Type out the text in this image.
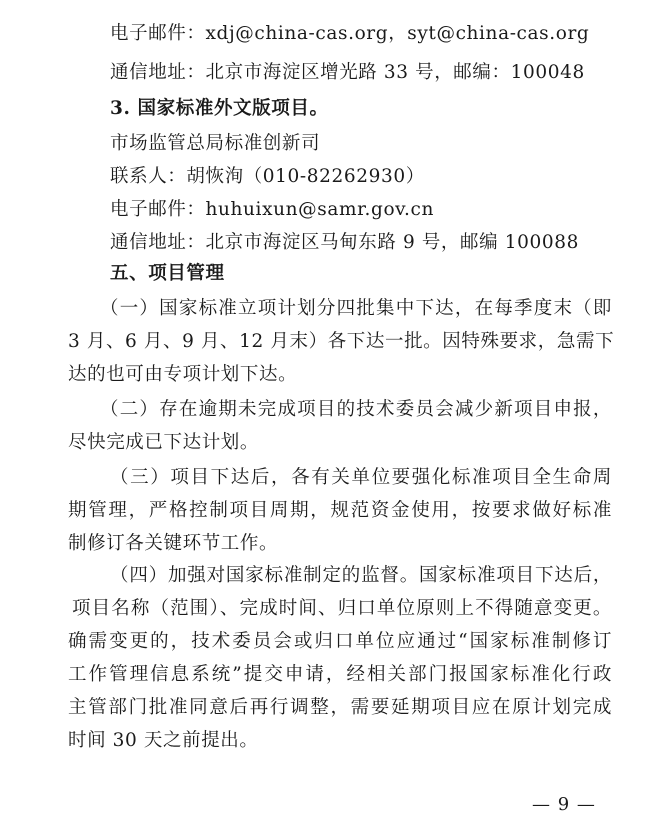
电子邮件：xdj@china-cas.org，syt@china-cas.org
通信地址：北京市海淀区增光路 33 号，邮编：100048
3. 国家标准外文版项目。
市场监管总局标准创新司
联系人：胡恢洵（010-82262930）
电子邮件：huhuixun@samr.gov.cn
通信地址：北京市海淀区马甸东路 9 号，邮编 100088
五、项目管理
（一）国家标准立项计划分四批集中下达，在每季度末（即
3 月、6 月、9 月、12 月末）各下达一批。因特殊要求，急需下
达的也可由专项计划下达。
（二）存在逾期未完成项目的技术委员会减少新项目申报，
尽快完成已下达计划。
（三）项目下达后，各有关单位要强化标准项目全生命周
期管理，严格控制项目周期，规范资金使用，按要求做好标准
制修订各关键环节工作。
（四）加强对国家标准制定的监督。国家标准项目下达后，
项目名称（范围）、完成时间、归口单位原则上不得随意变更。
确需变更的，技术委员会或归口单位应通过“国家标准制修订
工作管理信息系统”提交申请，经相关部门报国家标准化行政
主管部门批准同意后再行调整，需要延期项目应在原计划完成
时间 30 天之前提出。
— 9 —
